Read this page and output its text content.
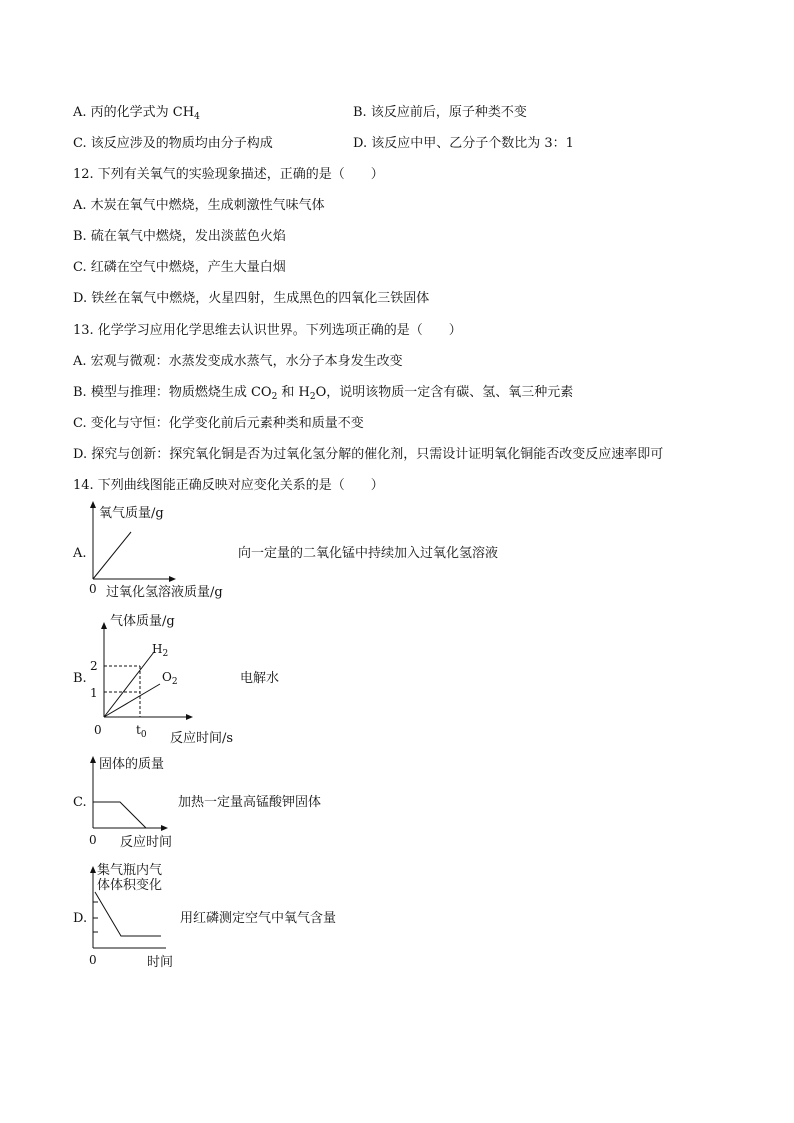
A. 丙的化学式为 $CH_4$	B. 该反应前后，原子种类不变
C. 该反应涉及的物质均由分子构成	D. 该反应中甲、乙分子个数比为 3：1
12. 下列有关氧气的实验现象描述，正确的是（　　）
A. 木炭在氧气中燃烧，生成刺激性气味气体
B. 硫在氧气中燃烧，发出淡蓝色火焰
C. 红磷在空气中燃烧，产生大量白烟
D. 铁丝在氧气中燃烧，火星四射，生成黑色的四氧化三铁固体
13. 化学学习应用化学思维去认识世界。下列选项正确的是（　　）
A. 宏观与微观：水蒸发变成水蒸气，水分子本身发生改变
B. 模型与推理：物质燃烧生成 $CO_2$ 和 $H_2O$，说明该物质一定含有碳、氢、氧三种元素
C. 变化与守恒：化学变化前后元素种类和质量不变
D. 探究与创新：探究氧化铜是否为过氧化氢分解的催化剂，只需设计证明氧化铜能否改变反应速率即可
14. 下列曲线图能正确反映对应变化关系的是（　　）
A.	向一定量的二氧化锰中持续加入过氧化氢溶液
氧气质量/g
0 过氧化氢溶液质量/g
B.	电解水
气体质量/g
2
1
$H_2$
$O_2$
0	$t_0$ 反应时间/s
C.	加热一定量高锰酸钾固体
固体的质量
0 反应时间
D.	用红磷测定空气中氧气含量
集气瓶内气
体体积变化
0	时间
